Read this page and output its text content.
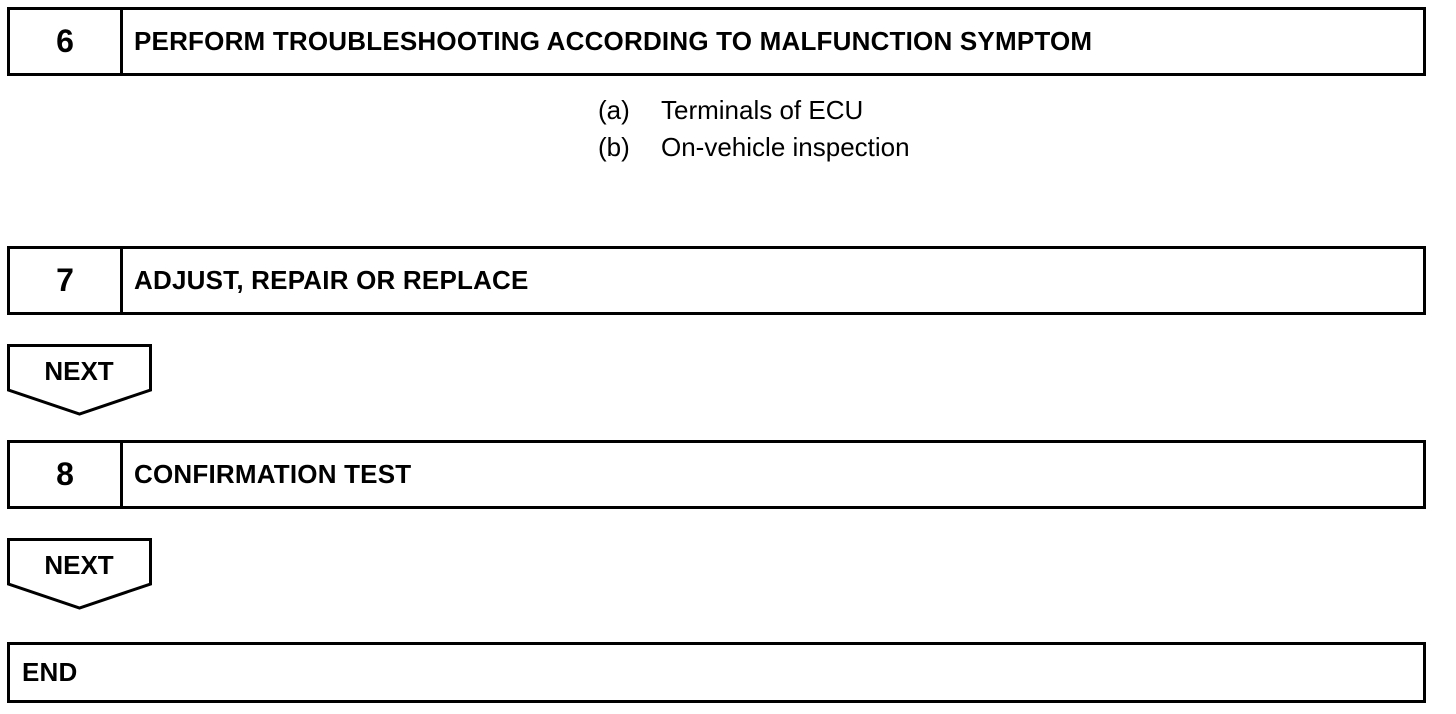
6	PERFORM TROUBLESHOOTING ACCORDING TO MALFUNCTION SYMPTOM
(a)	Terminals of ECU
(b)	On-vehicle inspection
7	ADJUST, REPAIR OR REPLACE
NEXT
8	CONFIRMATION TEST
NEXT
END
